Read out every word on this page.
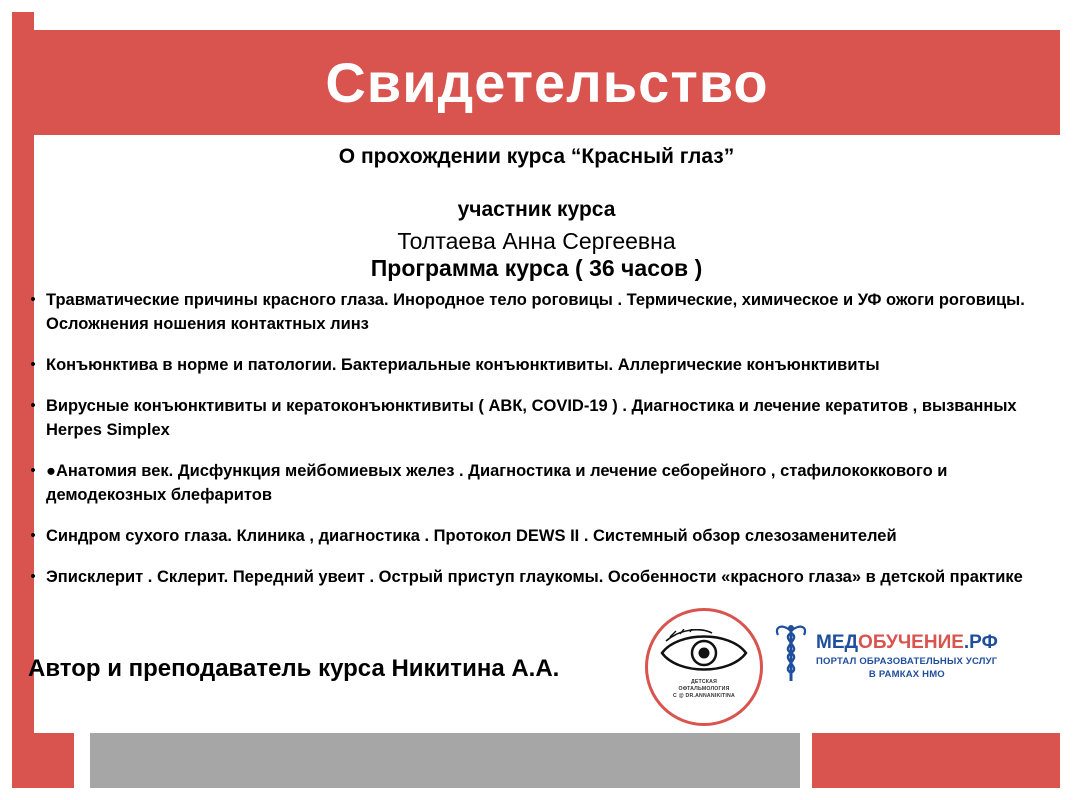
Свидетельство
О прохождении курса “Красный глаз”
участник курса
Толтаева Анна Сергеевна
Программа курса ( 36 часов )
• Травматические причины красного глаза. Инородное тело роговицы . Термические, химическое и УФ ожоги роговицы. Осложнения ношения контактных линз
• Конъюнктива в норме и патологии. Бактериальные конъюнктивиты. Аллергические конъюнктивиты
• Вирусные конъюнктивиты и кератоконъюнктивиты ( АВК, COVID-19 ) . Диагностика и лечение кератитов , вызванных Herpes Simplex
• ●Анатомия век. Дисфункция мейбомиевых желез . Диагностика и лечение себорейного , стафилококкового и демодекозных блефаритов
• Синдром сухого глаза. Клиника , диагностика . Протокол DEWS II . Системный обзор слезозаменителей
• Эписклерит . Склерит. Передний увеит . Острый приступ глаукомы. Особенности «красного глаза» в детской практике
Автор и преподаватель курса Никитина А.А.	ДЕТСКАЯ
ОФТАЛЬМОЛОГИЯ
С @ DR.ANNANIKITINA
МЕДОБУЧЕНИЕ.РФ
ПОРТАЛ ОБРАЗОВАТЕЛЬНЫХ УСЛУГ
В РАМКАХ НМО
